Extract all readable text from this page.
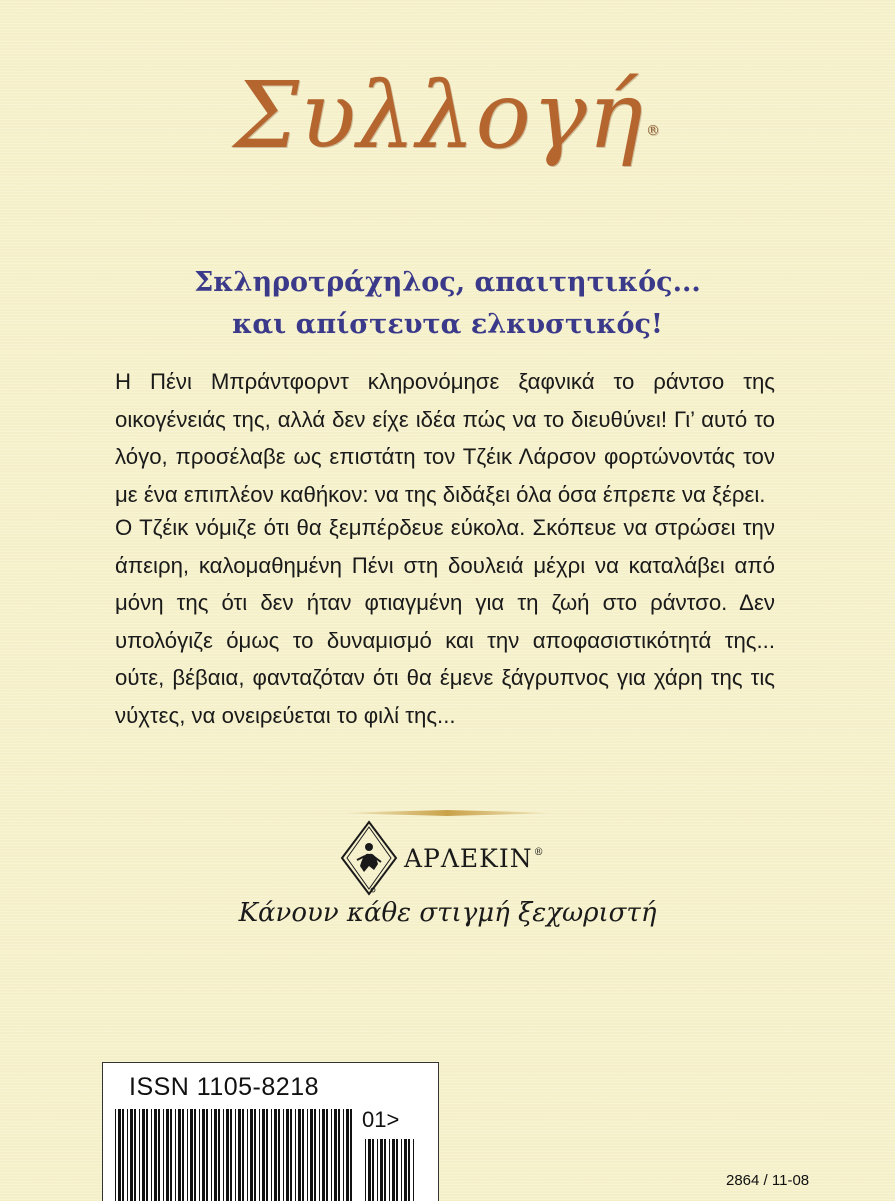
Συλλογή ®
Σκληροτράχηλος, απαιτητικός...
και απίστευτα ελκυστικός!
Η Πένι Μπράντφορντ κληρονόμησε ξαφνικά το ράντσο της οικογένειάς της, αλλά δεν είχε ιδέα πώς να το διευθύνει! Γι’ αυτό το λόγο, προσέλαβε ως επιστάτη τον Τζέικ Λάρσον φορτώνοντάς τον με ένα επιπλέον καθήκον: να της διδάξει όλα όσα έπρεπε να ξέρει.
Ο Τζέικ νόμιζε ότι θα ξεμπέρδευε εύκολα. Σκόπευε να στρώσει την άπειρη, καλομαθημένη Πένι στη δουλειά μέχρι να καταλάβει από μόνη της ότι δεν ήταν φτιαγμένη για τη ζωή στο ράντσο. Δεν υπολόγιζε όμως το δυναμισμό και την αποφασιστικότητά της... ούτε, βέβαια, φανταζόταν ότι θα έμενε ξάγρυπνος για χάρη της τις νύχτες, να ονειρεύεται το φιλί της...
ΑΡΛΕΚΙΝ®
Κάνουν κάθε στιγμή ξεχωριστή
ISSN 1105-8218
01>
2864 / 11-08
